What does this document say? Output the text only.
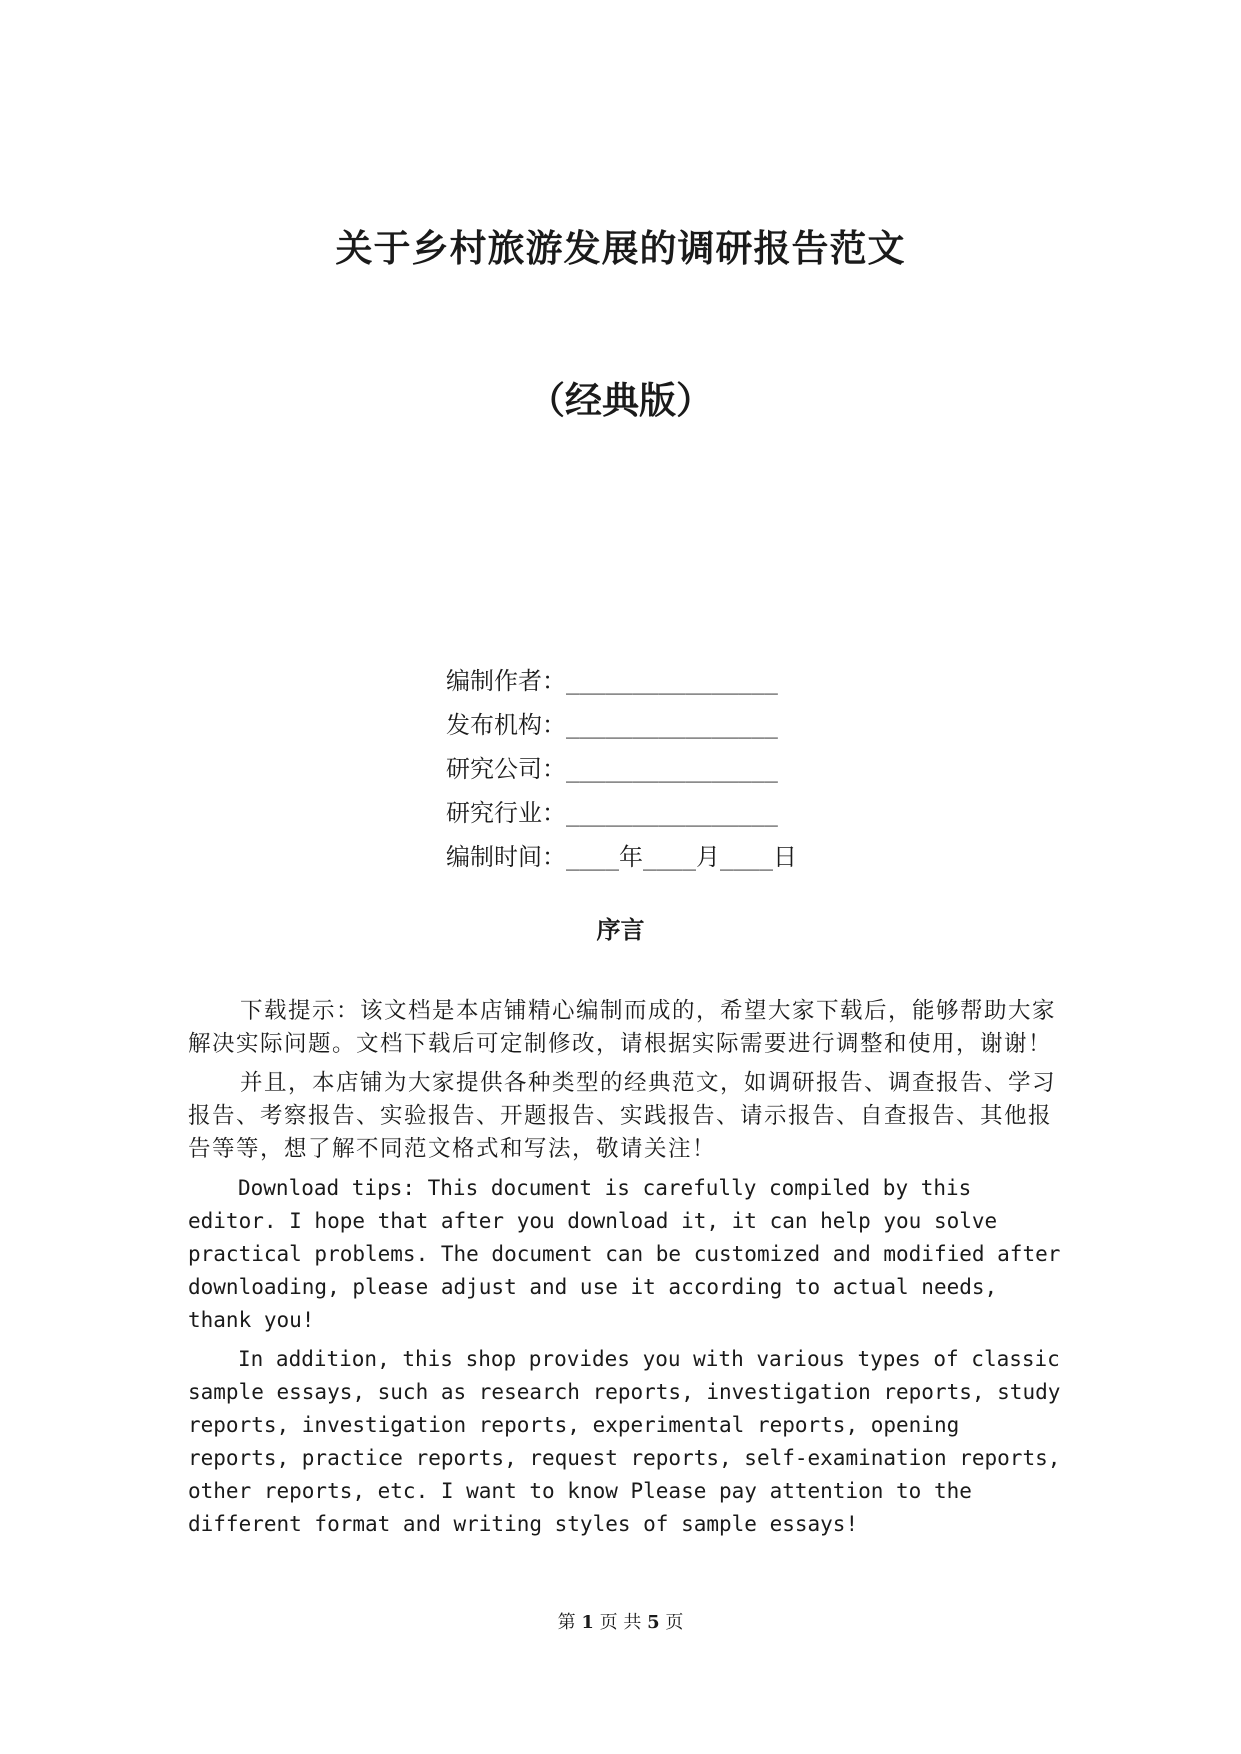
关于乡村旅游发展的调研报告范文
（经典版）
编制作者：________________
发布机构：________________
研究公司：________________
研究行业：________________
编制时间：____年____月____日
序言

下载提示：该文档是本店铺精心编制而成的，希望大家下载后，能够帮助大家解决实际问题。文档下载后可定制修改，请根据实际需要进行调整和使用，谢谢！

并且，本店铺为大家提供各种类型的经典范文，如调研报告、调查报告、学习报告、考察报告、实验报告、开题报告、实践报告、请示报告、自查报告、其他报告等等，想了解不同范文格式和写法，敬请关注！

Download tips: This document is carefully compiled by this editor. I hope that after you download it, it can help you solve practical problems. The document can be customized and modified after downloading, please adjust and use it according to actual needs, thank you!

In addition, this shop provides you with various types of classic sample essays, such as research reports, investigation reports, study reports, investigation reports, experimental reports, opening reports, practice reports, request reports, self-examination reports, other reports, etc. I want to know Please pay attention to the different format and writing styles of sample essays!

第 1 页 共 5 页
